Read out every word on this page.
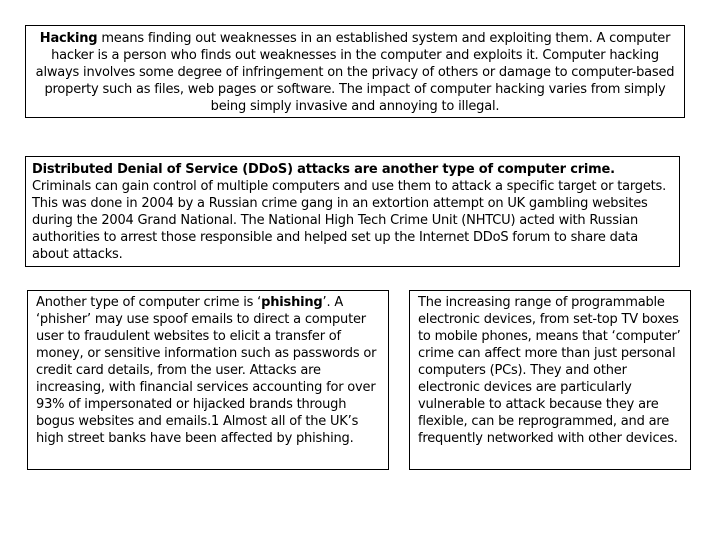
Hacking means finding out weaknesses in an established system and exploiting them. A computer hacker is a person who finds out weaknesses in the computer and exploits it. Computer hacking always involves some degree of infringement on the privacy of others or damage to computer-based property such as files, web pages or software. The impact of computer hacking varies from simply being simply invasive and annoying to illegal.
Distributed Denial of Service (DDoS) attacks are another type of computer crime. Criminals can gain control of multiple computers and use them to attack a specific target or targets. This was done in 2004 by a Russian crime gang in an extortion attempt on UK gambling websites during the 2004 Grand National. The National High Tech Crime Unit (NHTCU) acted with Russian authorities to arrest those responsible and helped set up the Internet DDoS forum to share data about attacks.
Another type of computer crime is ‘phishing’. A ‘phisher’ may use spoof emails to direct a computer user to fraudulent websites to elicit a transfer of money, or sensitive information such as passwords or credit card details, from the user. Attacks are increasing, with financial services accounting for over 93% of impersonated or hijacked brands through bogus websites and emails.1 Almost all of the UK’s high street banks have been affected by phishing.
The increasing range of programmable electronic devices, from set-top TV boxes to mobile phones, means that ‘computer’ crime can affect more than just personal computers (PCs). They and other electronic devices are particularly vulnerable to attack because they are flexible, can be reprogrammed, and are frequently networked with other devices.
